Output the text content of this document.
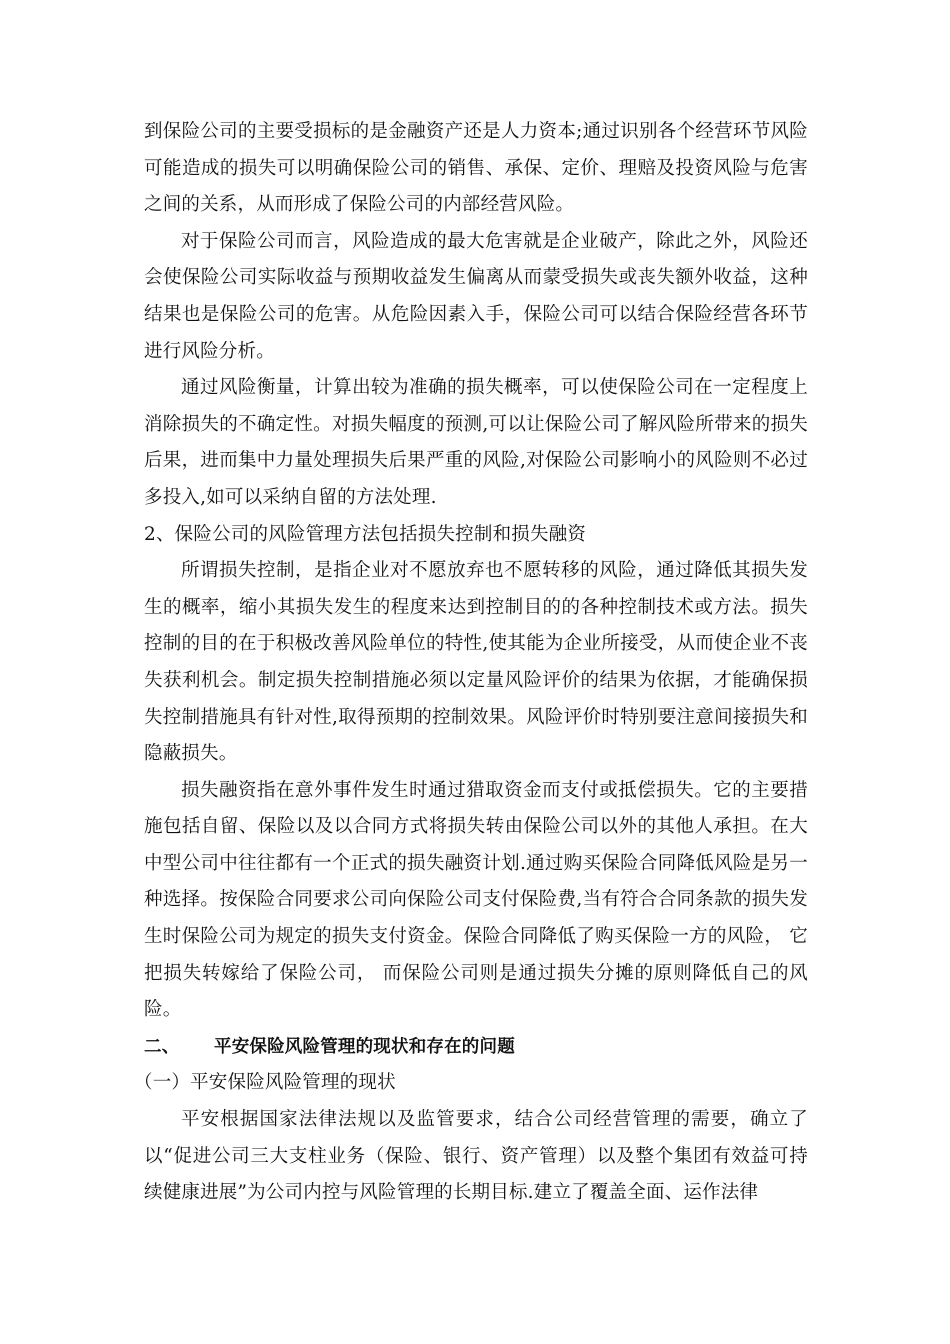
到保险公司的主要受损标的是金融资产还是人力资本;通过识别各个经营环节风险可能造成的损失可以明确保险公司的销售、承保、定价、理赔及投资风险与危害之间的关系，从而形成了保险公司的内部经营风险。

对于保险公司而言，风险造成的最大危害就是企业破产，除此之外，风险还会使保险公司实际收益与预期收益发生偏离从而蒙受损失或丧失额外收益，这种结果也是保险公司的危害。从危险因素入手，保险公司可以结合保险经营各环节进行风险分析。

通过风险衡量，计算出较为准确的损失概率，可以使保险公司在一定程度上消除损失的不确定性。对损失幅度的预测,可以让保险公司了解风险所带来的损失后果，进而集中力量处理损失后果严重的风险,对保险公司影响小的风险则不必过多投入,如可以采纳自留的方法处理.

2、保险公司的风险管理方法包括损失控制和损失融资

所谓损失控制，是指企业对不愿放弃也不愿转移的风险，通过降低其损失发生的概率，缩小其损失发生的程度来达到控制目的的各种控制技术或方法。损失控制的目的在于积极改善风险单位的特性,使其能为企业所接受，从而使企业不丧失获利机会。制定损失控制措施必须以定量风险评价的结果为依据，才能确保损失控制措施具有针对性,取得预期的控制效果。风险评价时特别要注意间接损失和隐蔽损失。

损失融资指在意外事件发生时通过猎取资金而支付或抵偿损失。它的主要措施包括自留、保险以及以合同方式将损失转由保险公司以外的其他人承担。在大中型公司中往往都有一个正式的损失融资计划.通过购买保险合同降低风险是另一种选择。按保险合同要求公司向保险公司支付保险费,当有符合合同条款的损失发生时保险公司为规定的损失支付资金。保险合同降低了购买保险一方的风险， 它把损失转嫁给了保险公司， 而保险公司则是通过损失分摊的原则降低自己的风险。

二、 平安保险风险管理的现状和存在的问题

（一）平安保险风险管理的现状

平安根据国家法律法规以及监管要求，结合公司经营管理的需要，确立了以“促进公司三大支柱业务（保险、银行、资产管理）以及整个集团有效益可持续健康进展”为公司内控与风险管理的长期目标.建立了覆盖全面、运作法律
